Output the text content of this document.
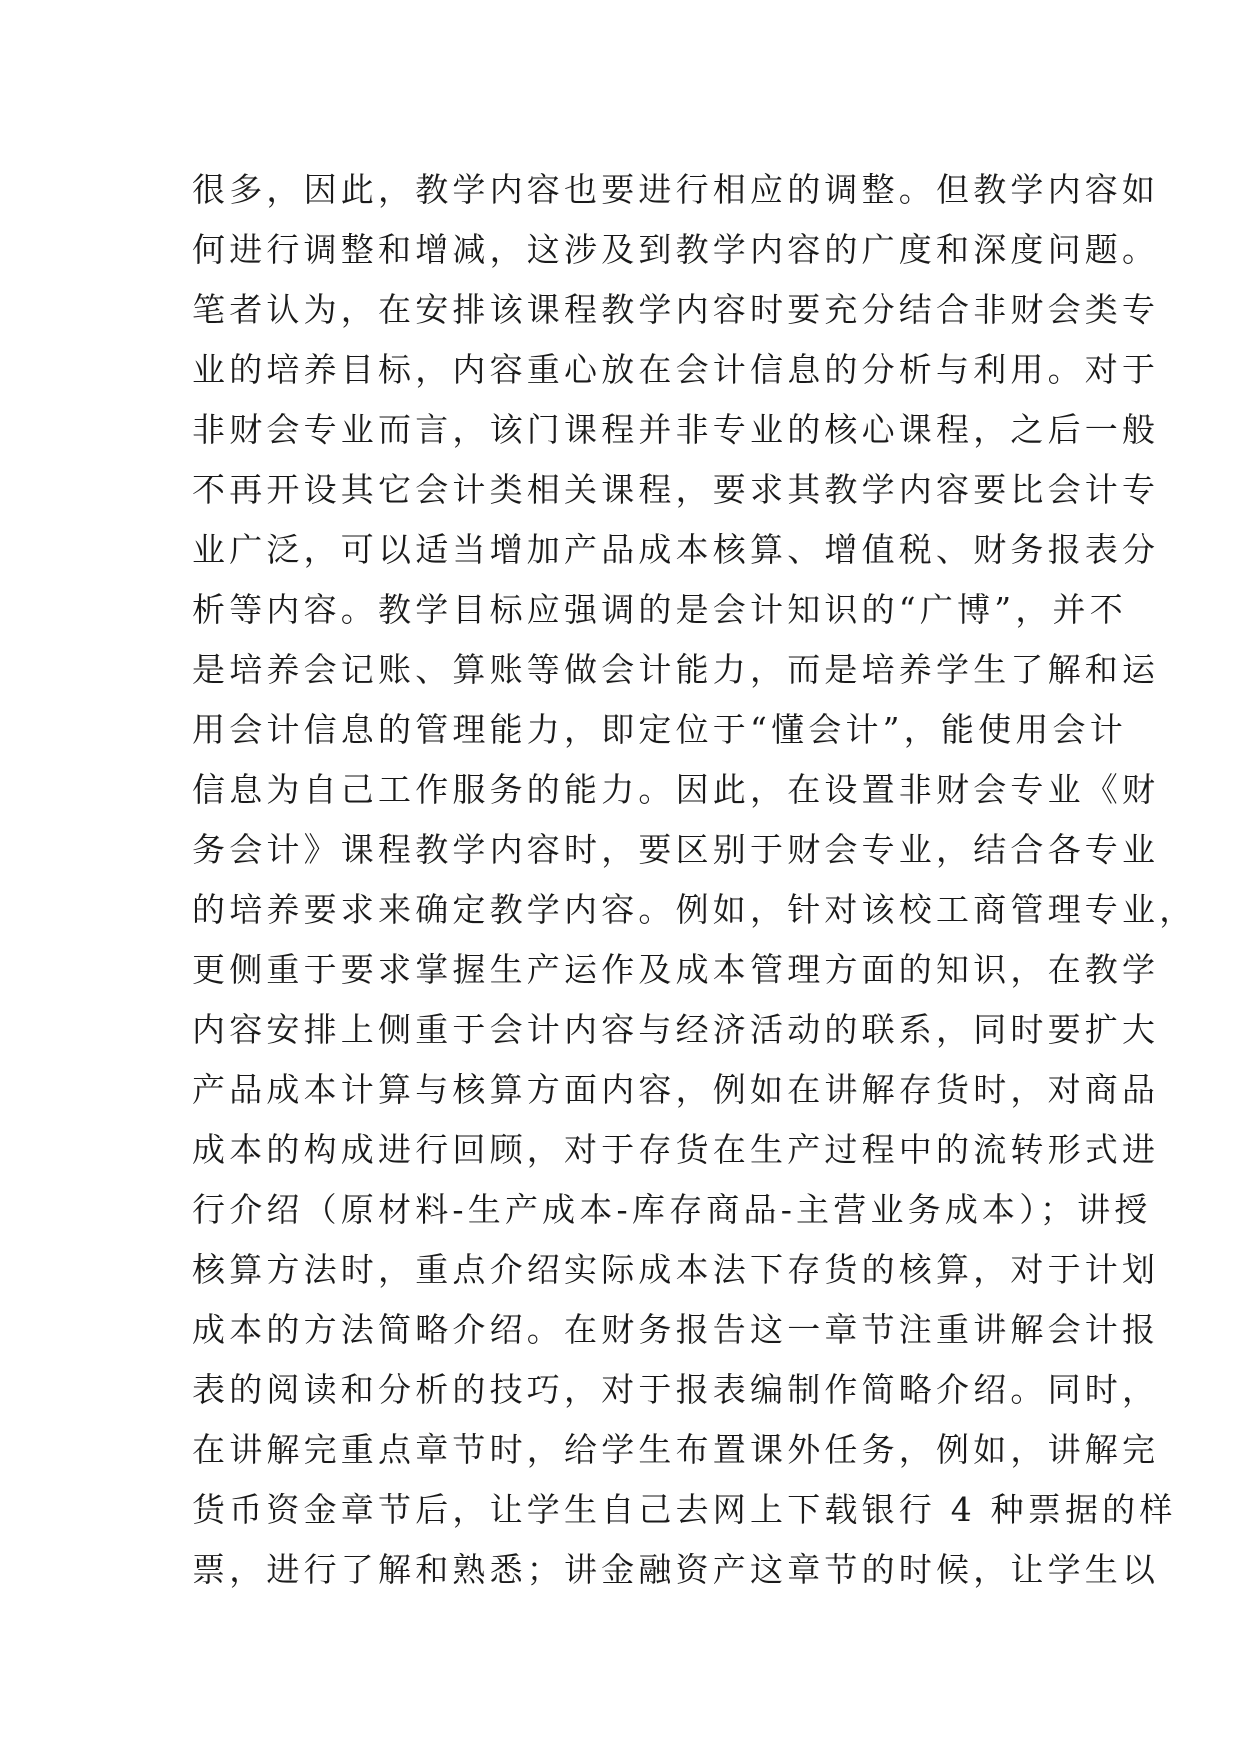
很多，因此，教学内容也要进行相应的调整。但教学内容如
何进行调整和增减，这涉及到教学内容的广度和深度问题。
笔者认为，在安排该课程教学内容时要充分结合非财会类专
业的培养目标，内容重心放在会计信息的分析与利用。对于
非财会专业而言，该门课程并非专业的核心课程，之后一般
不再开设其它会计类相关课程，要求其教学内容要比会计专
业广泛，可以适当增加产品成本核算、增值税、财务报表分
析等内容。教学目标应强调的是会计知识的“广博”，并不
是培养会记账、算账等做会计能力，而是培养学生了解和运
用会计信息的管理能力，即定位于“懂会计”，能使用会计
信息为自己工作服务的能力。因此，在设置非财会专业《财
务会计》课程教学内容时，要区别于财会专业，结合各专业
的培养要求来确定教学内容。例如，针对该校工商管理专业，
更侧重于要求掌握生产运作及成本管理方面的知识，在教学
内容安排上侧重于会计内容与经济活动的联系，同时要扩大
产品成本计算与核算方面内容，例如在讲解存货时，对商品
成本的构成进行回顾，对于存货在生产过程中的流转形式进
行介绍（原材料-生产成本-库存商品-主营业务成本）；讲授
核算方法时，重点介绍实际成本法下存货的核算，对于计划
成本的方法简略介绍。在财务报告这一章节注重讲解会计报
表的阅读和分析的技巧，对于报表编制作简略介绍。同时，
在讲解完重点章节时，给学生布置课外任务，例如，讲解完
货币资金章节后，让学生自己去网上下载银行 4 种票据的样
票，进行了解和熟悉；讲金融资产这章节的时候，让学生以
